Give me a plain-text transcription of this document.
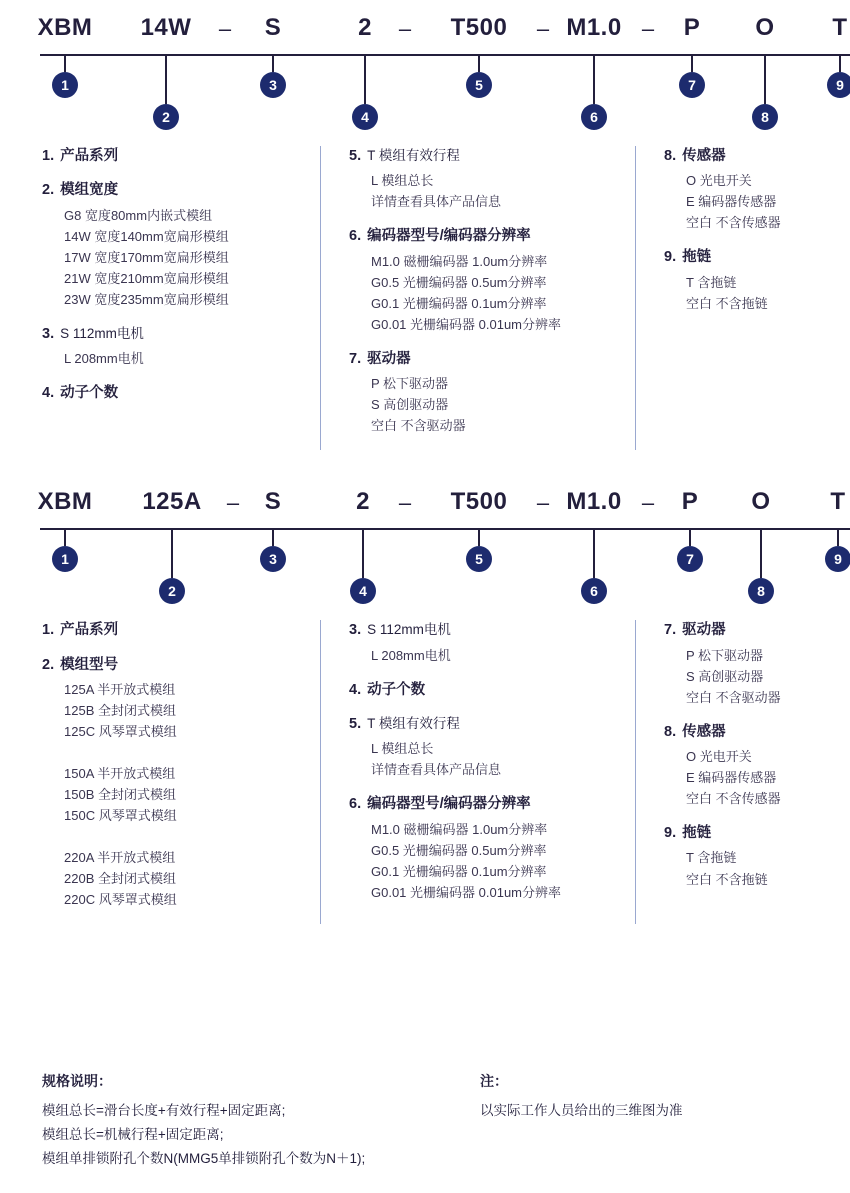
XBM 14W – S	2 – T500 – M1.0 – P O T
1
2
3
4
5
6
7
8
9
1. 产品系列
2. 模组宽度
G8 宽度80mm内嵌式模组
14W 宽度140mm宽扁形模组
17W 宽度170mm宽扁形模组
21W 宽度210mm宽扁形模组
23W 宽度235mm宽扁形模组
3. S 112mm电机
L 208mm电机
4. 动子个数
5. T 模组有效行程
L 模组总长
详情查看具体产品信息
6. 编码器型号/编码器分辨率
M1.0 磁栅编码器 1.0um分辨率
G0.5 光栅编码器 0.5um分辨率
G0.1 光栅编码器 0.1um分辨率
G0.01 光栅编码器 0.01um分辨率
7. 驱动器
P 松下驱动器
S 高创驱动器
空白 不含驱动器
8. 传感器
O 光电开关
E 编码器传感器
空白 不含传感器
9. 拖链
T 含拖链
空白 不含拖链
XBM 125A – S	2 – T500 – M1.0 – P O T
1
2
3
4
5
6
7
8
9
1. 产品系列
2. 模组型号
125A 半开放式模组
125B 全封闭式模组
125C 风琴罩式模组

150A 半开放式模组
150B 全封闭式模组
150C 风琴罩式模组

220A 半开放式模组
220B 全封闭式模组
220C 风琴罩式模组
3. S 112mm电机
L 208mm电机
4. 动子个数
5. T 模组有效行程
L 模组总长
详情查看具体产品信息
6. 编码器型号/编码器分辨率
M1.0 磁栅编码器 1.0um分辨率
G0.5 光栅编码器 0.5um分辨率
G0.1 光栅编码器 0.1um分辨率
G0.01 光栅编码器 0.01um分辨率
7. 驱动器
P 松下驱动器
S 高创驱动器
空白 不含驱动器
8. 传感器
O 光电开关
E 编码器传感器
空白 不含传感器
9. 拖链
T 含拖链
空白 不含拖链
规格说明：
模组总长=滑台长度+有效行程+固定距离;
模组总长=机械行程+固定距离;
模组单排锁附孔个数N(MMG5单排锁附孔个数为N＋1);
注：
以实际工作人员给出的三维图为准
